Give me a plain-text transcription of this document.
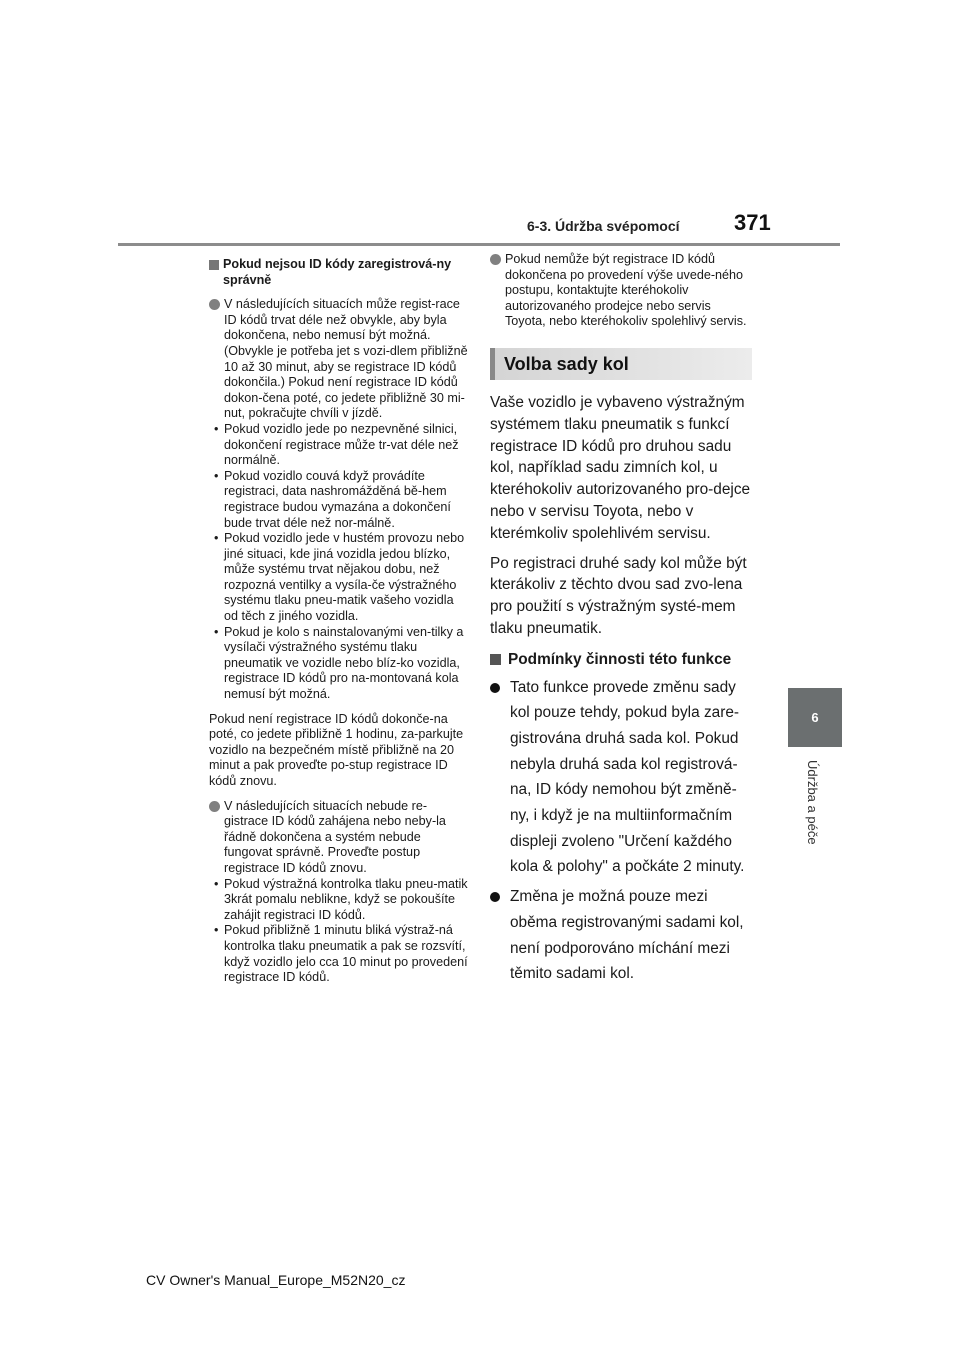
6-3. Údržba svépomocí 371
6
Údržba a péče
Pokud nejsou ID kódy zaregistrová-ny správně
V následujících situacích může regist-race ID kódů trvat déle než obvykle, aby byla dokončena, nebo nemusí být možná. (Obvykle je potřeba jet s vozi-dlem přibližně 10 až 30 minut, aby se registrace ID kódů dokončila.) Pokud není registrace ID kódů dokon-čena poté, co jedete přibližně 30 mi-nut, pokračujte chvíli v jízdě.
• Pokud vozidlo jede po nezpevněné silnici, dokončení registrace může tr-vat déle než normálně.
• Pokud vozidlo couvá když provádíte registraci, data nashromážděná bě-hem registrace budou vymazána a dokončení bude trvat déle než nor-málně.
• Pokud vozidlo jede v hustém provozu nebo jiné situaci, kde jiná vozidla jedou blízko, může systému trvat nějakou dobu, než rozpozná ventilky a vysíla-če výstražného systému tlaku pneu-matik vašeho vozidla od těch z jiného vozidla.
• Pokud je kolo s nainstalovanými ven-tilky a vysílači výstražného systému tlaku pneumatik ve vozidle nebo blíz-ko vozidla, registrace ID kódů pro na-montovaná kola nemusí být možná.
Pokud není registrace ID kódů dokonče-na poté, co jedete přibližně 1 hodinu, za-parkujte vozidlo na bezpečném místě přibližně na 20 minut a pak proveďte po-stup registrace ID kódů znovu.
V následujících situacích nebude re-gistrace ID kódů zahájena nebo neby-la řádně dokončena a systém nebude fungovat správně. Proveďte postup registrace ID kódů znovu.
• Pokud výstražná kontrolka tlaku pneu-matik 3krát pomalu neblikne, když se pokoušíte zahájit registraci ID kódů.
• Pokud přibližně 1 minutu bliká výstraž-ná kontrolka tlaku pneumatik a pak se rozsvítí, když vozidlo jelo cca 10 minut po provedení registrace ID kódů.
Pokud nemůže být registrace ID kódů dokončena po provedení výše uvede-ného postupu, kontaktujte kteréhokoliv autorizovaného prodejce nebo servis Toyota, nebo kteréhokoliv spolehlivý servis.
Volba sady kol
Vaše vozidlo je vybaveno výstražným systémem tlaku pneumatik s funkcí registrace ID kódů pro druhou sadu kol, například sadu zimních kol, u kteréhokoliv autorizovaného pro-dejce nebo v servisu Toyota, nebo v kterémkoliv spolehlivém servisu.
Po registraci druhé sady kol může být kterákoliv z těchto dvou sad zvo-lena pro použití s výstražným systé-mem tlaku pneumatik.
Podmínky činnosti této funkce
Tato funkce provede změnu sady kol pouze tehdy, pokud byla zare-gistrována druhá sada kol. Pokud nebyla druhá sada kol registrová-na, ID kódy nemohou být změně-ny, i když je na multiinformačním displeji zvoleno "Určení každého kola & polohy" a počkáte 2 minuty.
Změna je možná pouze mezi oběma registrovanými sadami kol, není podporováno míchání mezi těmito sadami kol.
CV Owner's Manual_Europe_M52N20_cz
